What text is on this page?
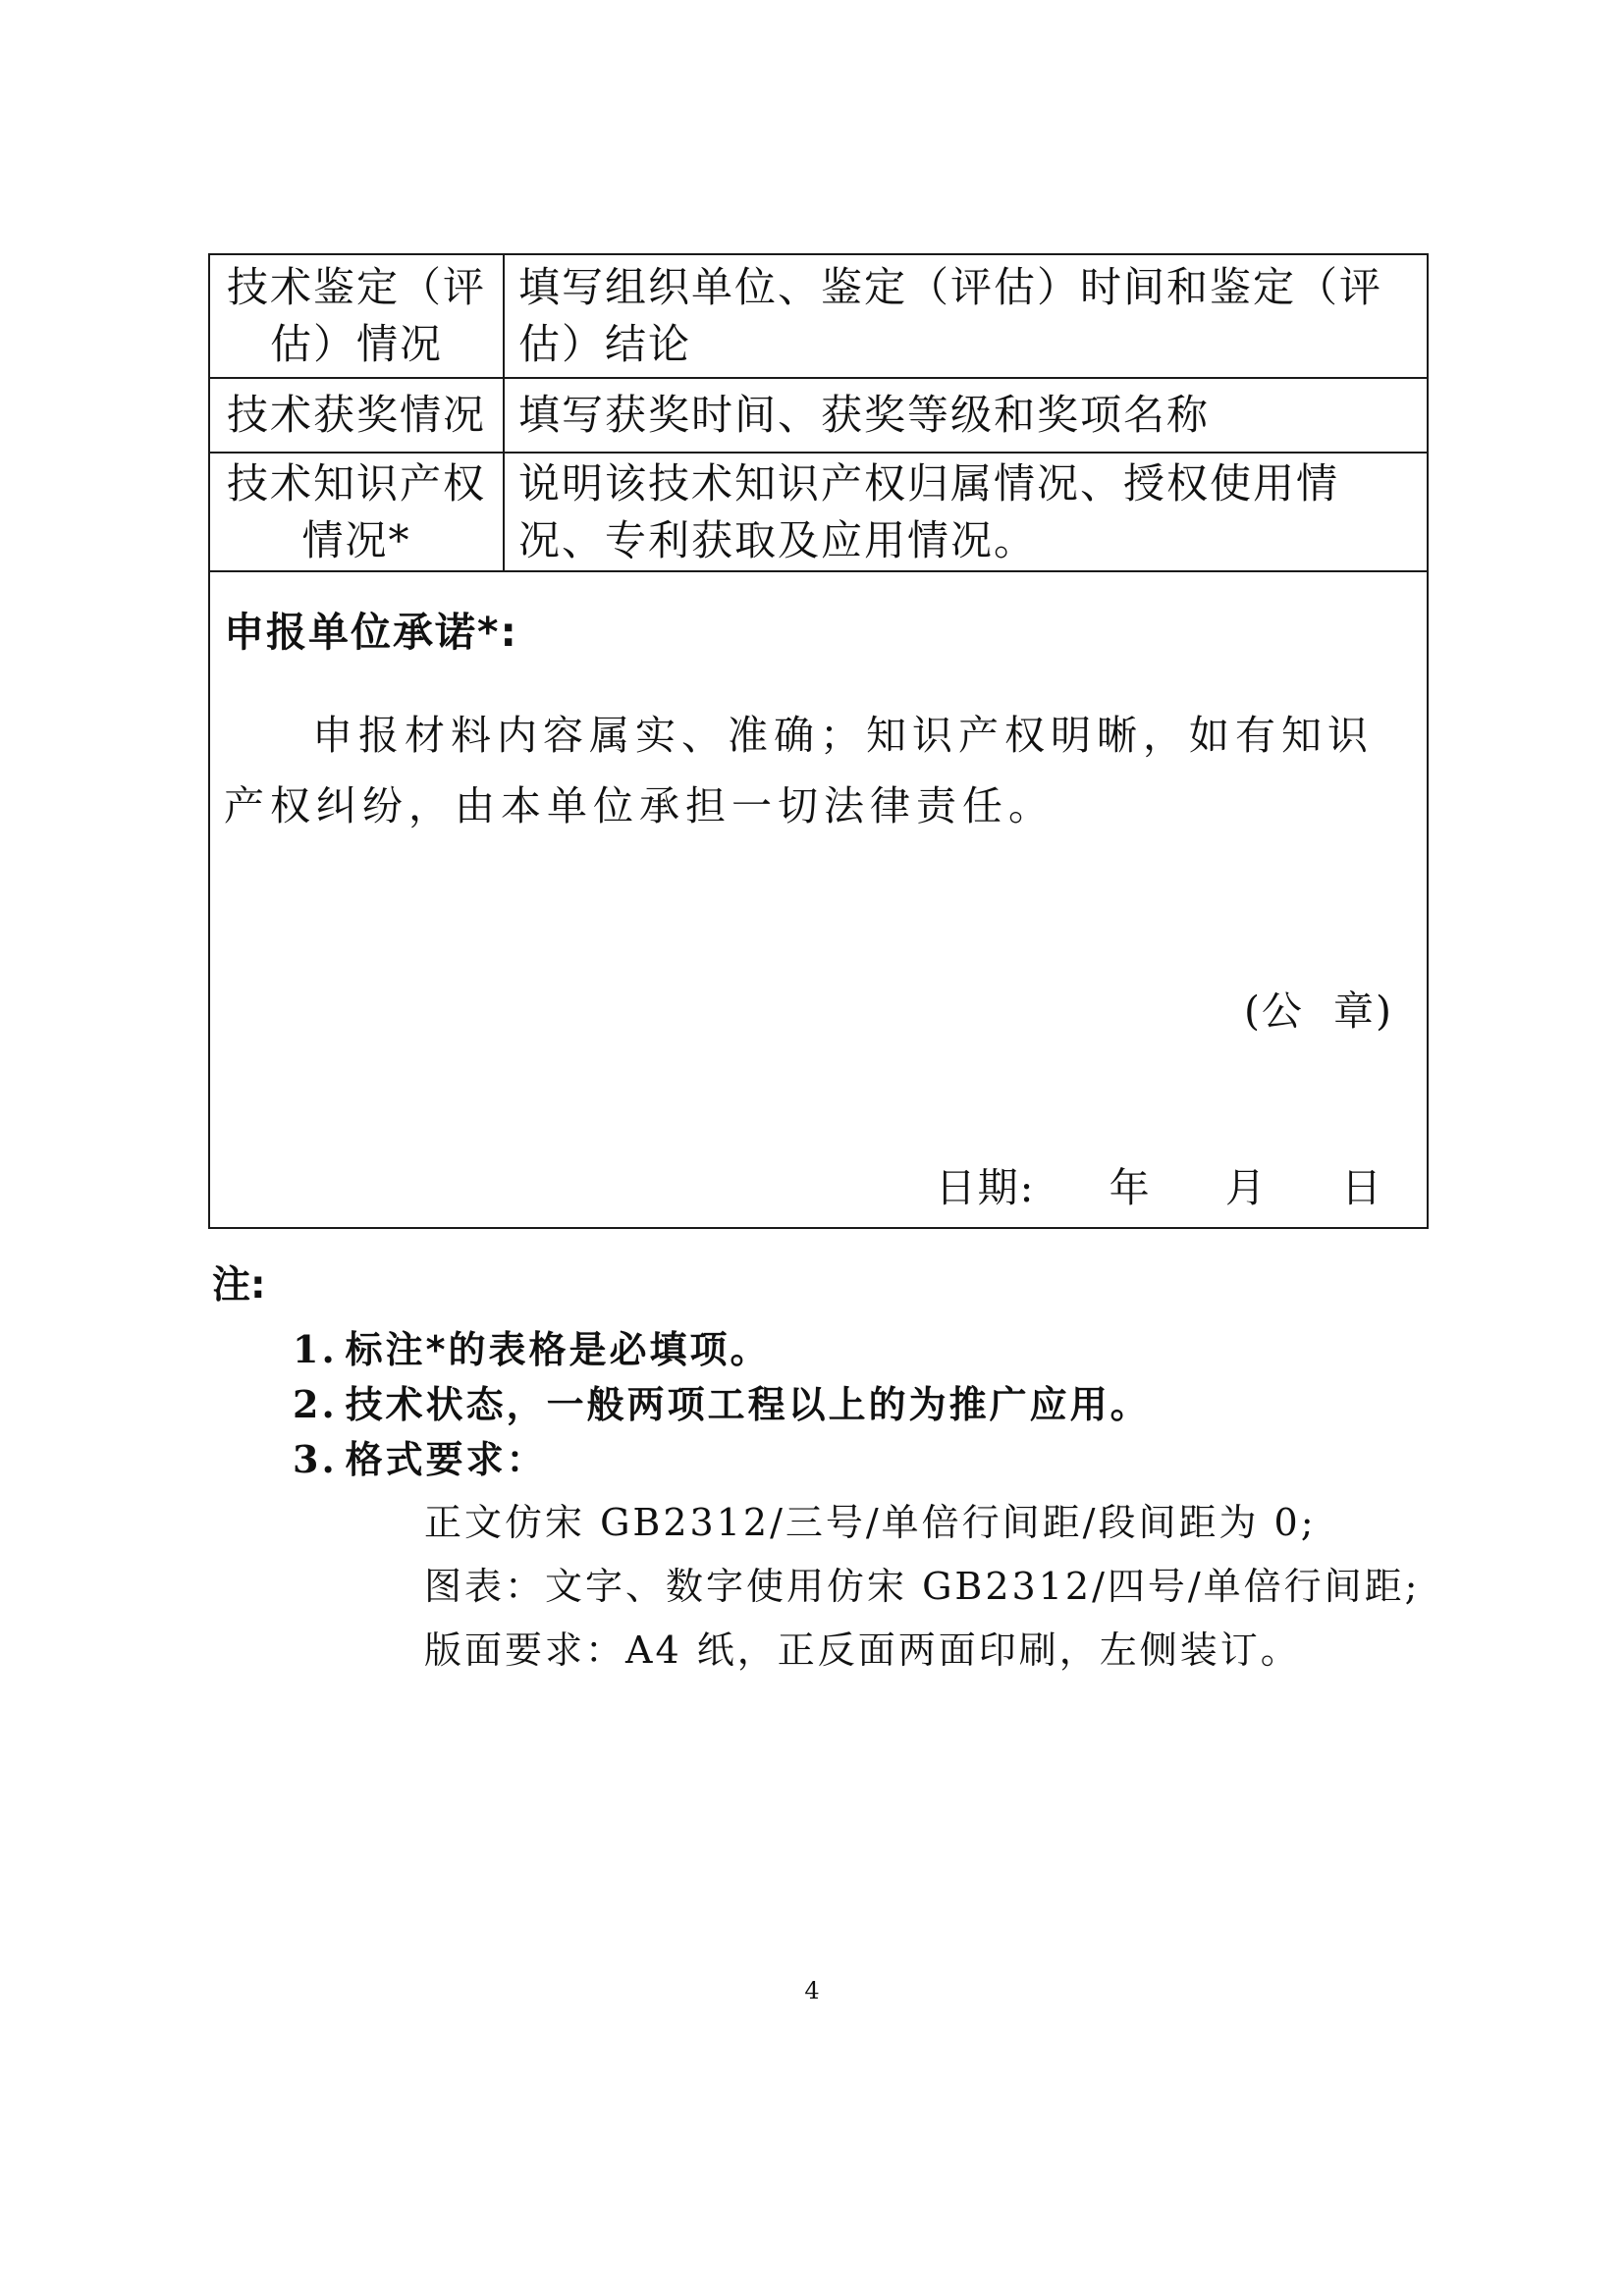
技术鉴定（评估）情况	填写组织单位、鉴定（评估）时间和鉴定（评估）结论
技术获奖情况	填写获奖时间、获奖等级和奖项名称
技术知识产权情况*	说明该技术知识产权归属情况、授权使用情况、专利获取及应用情况。

申报单位承诺*:
申报材料内容属实、准确；知识产权明晰，如有知识产权纠纷，由本单位承担一切法律责任。
(公  章)
日期:     年     月     日	
注:
1. 标注*的表格是必填项。
2. 技术状态，一般两项工程以上的为推广应用。
3. 格式要求：
正文仿宋 GB2312/三号/单倍行间距/段间距为 0;
图表：文字、数字使用仿宋 GB2312/四号/单倍行间距;
版面要求：A4 纸，正反面两面印刷，左侧装订。
4
